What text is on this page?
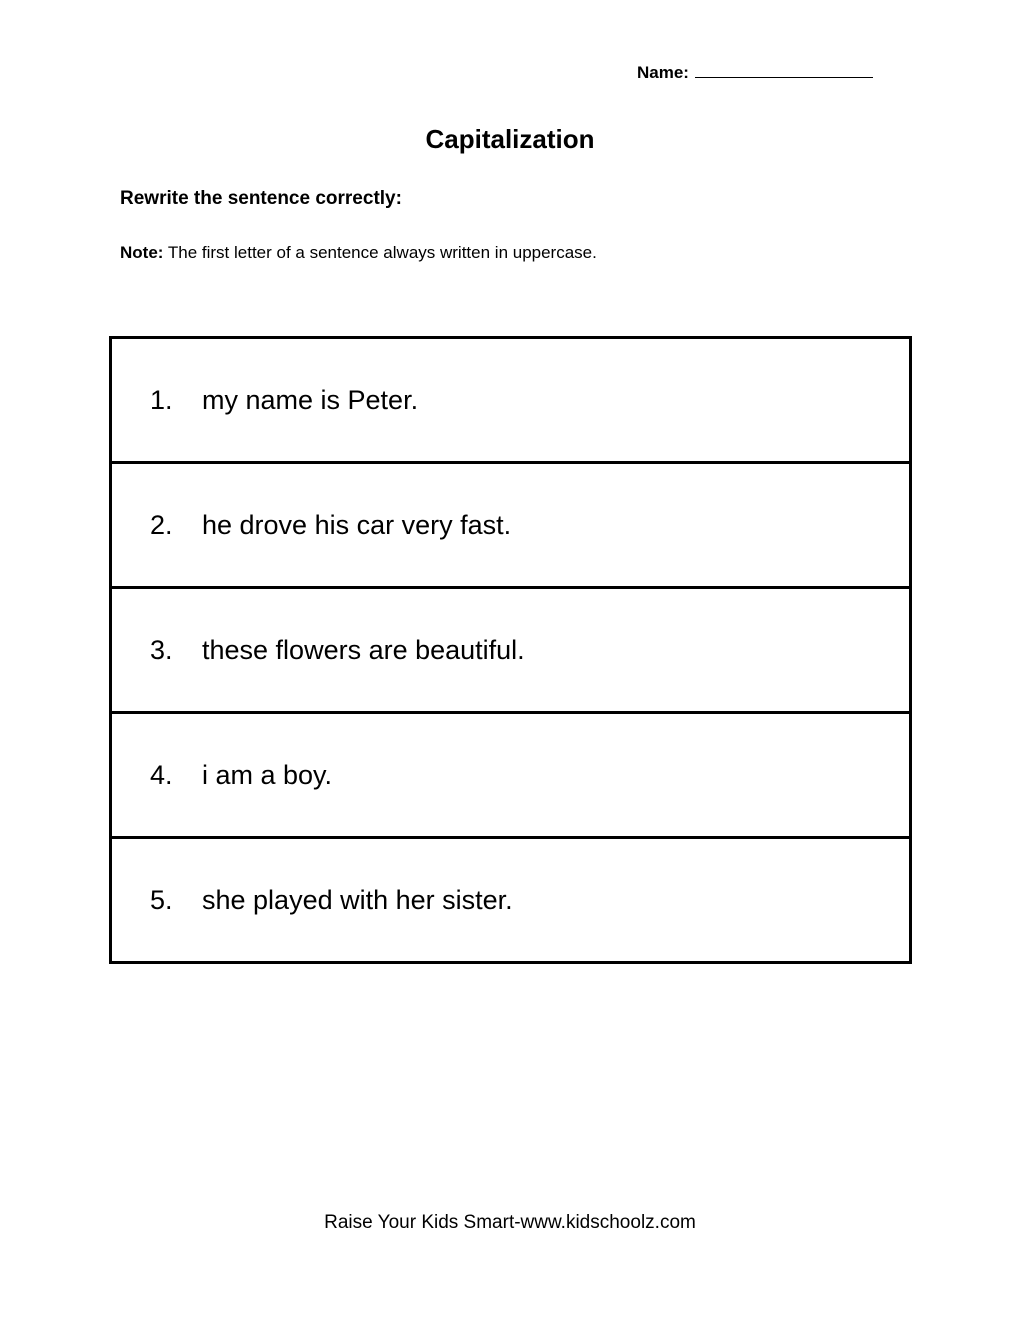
Name:
Capitalization
Rewrite the sentence correctly:
Note: The first letter of a sentence always written in uppercase.
1.	my name is Peter.
2.	he drove his car very fast.
3.	these flowers are beautiful.
4.	i am a boy.
5.	she played with her sister.
Raise Your Kids Smart-www.kidschoolz.com
